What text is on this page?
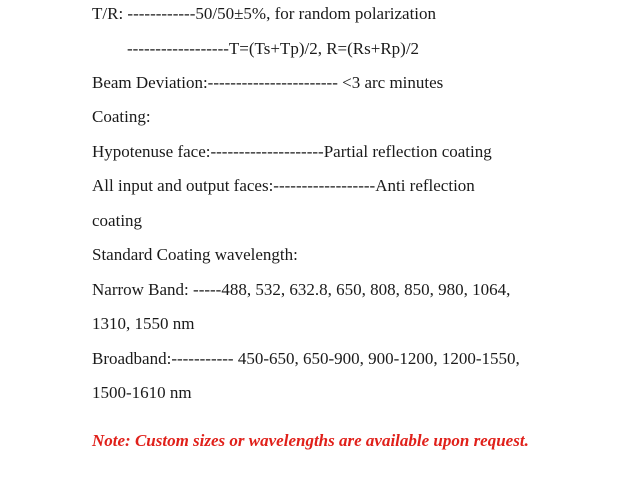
T/R: ------------50/50±5%, for random polarization
------------------T=(Ts+Tp)/2, R=(Rs+Rp)/2
Beam Deviation:----------------------- <3 arc minutes
Coating:
Hypotenuse face:--------------------Partial reflection coating
All input and output faces:------------------Anti reflection
coating
Standard Coating wavelength:
Narrow Band: -----488, 532, 632.8, 650, 808, 850, 980, 1064,
1310, 1550 nm
Broadband:----------- 450-650, 650-900, 900-1200, 1200-1550,
1500-1610 nm
Note: Custom sizes or wavelengths are available upon request.
